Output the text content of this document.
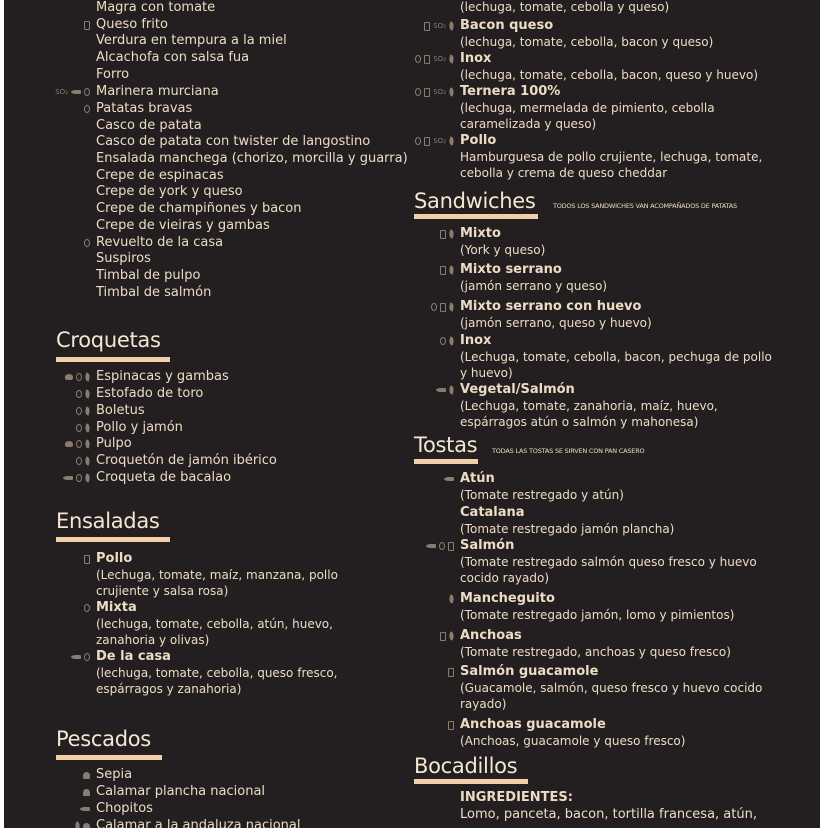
Magra con tomate
Queso frito
Verdura en tempura a la miel
Alcachofa con salsa fua
Forro
Marinera murciana
SO₂
Patatas bravas
Casco de patata
Casco de patata con twister de langostino
Ensalada manchega (chorizo, morcilla y guarra)
Crepe de espinacas
Crepe de york y queso
Crepe de champiñones y bacon
Crepe de vieiras y gambas
Revuelto de la casa
Suspiros
Timbal de pulpo
Timbal de salmón
Croquetas
Espinacas y gambas
Estofado de toro
Boletus
Pollo y jamón
Pulpo
Croquetón de jamón ibérico
Croqueta de bacalao
Ensaladas
Pollo
(Lechuga, tomate, maíz, manzana, pollo crujiente y salsa rosa)
Mixta
(lechuga, tomate, cebolla, atún, huevo, zanahoria y olivas)
De la casa
(lechuga, tomate, cebolla, queso fresco, espárragos y zanahoria)
Pescados
Sepia
Calamar plancha nacional
Chopitos
Calamar a la andaluza nacional
(lechuga, tomate, cebolla y queso)
Bacon queso
SO₂
(lechuga, tomate, cebolla, bacon y queso)
Inox
SO₂
(lechuga, tomate, cebolla, bacon, queso y huevo)
Ternera 100%
SO₂
(lechuga, mermelada de pimiento, cebolla caramelizada y queso)
Pollo
SO₂
Hamburguesa de pollo crujiente, lechuga, tomate, cebolla y crema de queso cheddar
Sandwiches	TODOS LOS SANDWICHES VAN ACOMPAÑADOS DE PATATAS
Mixto
(York y queso)
Mixto serrano
(jamón serrano y queso)
Mixto serrano con huevo
(jamón serrano, queso y huevo)
Inox
(Lechuga, tomate, cebolla, bacon, pechuga de pollo y huevo)
Vegetal/Salmón
(Lechuga, tomate, zanahoria, maíz, huevo, espárragos atún o salmón y mahonesa)
Tostas TODAS LAS TOSTAS SE SIRVEN CON PAN CASERO
Atún
(Tomate restregado y atún)
Catalana
(Tomate restregado jamón plancha)
Salmón
(Tomate restregado salmón queso fresco y huevo cocido rayado)
Mancheguito
(Tomate restregado jamón, lomo y pimientos)
Anchoas
(Tomate restregado, anchoas y queso fresco)
Salmón guacamole
(Guacamole, salmón, queso fresco y huevo cocido rayado)
Anchoas guacamole
(Anchoas, guacamole y queso fresco)
Bocadillos
INGREDIENTES:
Lomo, panceta, bacon, tortilla francesa, atún,
